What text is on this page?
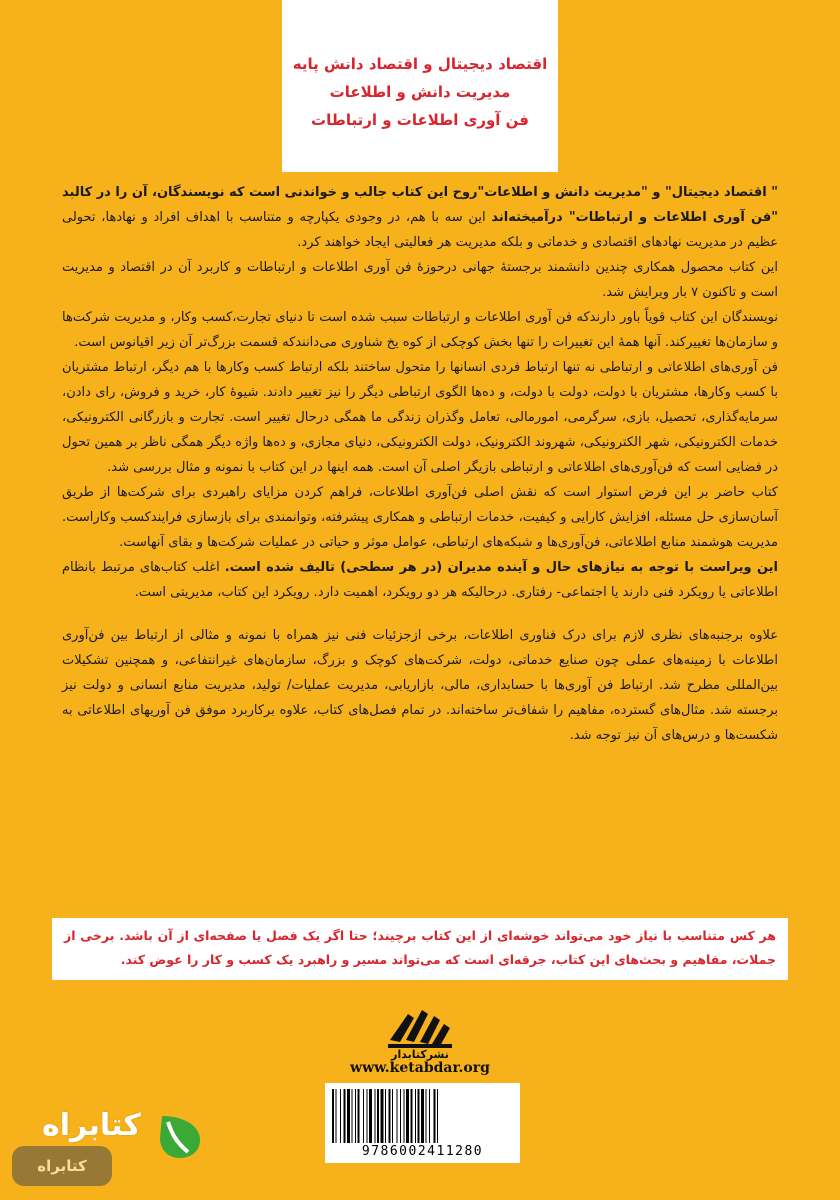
اقتصاد دیجیتال و اقتصاد دانش پایه
مدیریت دانش و اطلاعات
فن آوری اطلاعات و ارتباطات

" اقتصاد دیجیتال" و "مدیریت دانش و اطلاعات"روح این کتاب جالب و خواندنی است که نویسندگان، آن را در کالبد "فن آوری اطلاعات و ارتباطات" درآمیخته‌اند این سه با هم، در وجودی یکپارچه و متناسب با اهداف افراد و نهادها، تحولی عظیم در مدیریت نهادهای اقتصادی و خدماتی و بلکه مدیریت هر فعالیتی ایجاد خواهند کرد.

این کتاب محصول همکاری چندین دانشمند برجستهٔ جهانی درحوزهٔ فن آوری اطلاعات و ارتباطات و کاربرد آن در اقتصاد و مدیریت است و تاکنون ۷ بار ویرایش شد.

نویسندگان این کتاب قویاً باور دارندکه فن آوری اطلاعات و ارتباطات سبب شده است تا دنیای تجارت،کسب وکار، و مدیریت شرکت‌ها و سازمان‌ها تغییرکند. آنها همهٔ این تغییرات را تنها بخش کوچکی از کوه یخ شناوری می‌دانندکه قسمت بزرگ‌تر آن زیر اقیانوس است.

فن آوری‌های اطلاعاتی و ارتباطی نه تنها ارتباط فردی انسانها را متحول ساختند بلکه ارتباط کسب وکارها با هم دیگر، ارتباط مشتریان با کسب وکارها، مشتریان با دولت، دولت با دولت، و ده‌ها الگوی ارتباطی دیگر را نیز تغییر دادند. شیوهٔ کار، خرید و فروش، رای دادن، سرمایه‌گذاری، تحصیل، بازی، سرگرمی، امورمالی، تعامل وگذران زندگی ما همگی درحال تغییر است. تجارت و بازرگانی الکترونیکی، خدمات الکترونیکی، شهر الکترونیکی، شهروند الکترونیک، دولت الکترونیکی، دنیای مجازی، و ده‌ها واژه دیگر همگی ناظر بر همین تحول در فضایی است که فن‌آوری‌های اطلاعاتی و ارتباطی بازیگر اصلی آن است. همه اینها در این کتاب با نمونه و مثال بررسی شد.

کتاب حاضر بر این فرض استوار است که نقش اصلی فن‌آوری اطلاعات، فراهم کردن مزایای راهبردی برای شرکت‌ها از طریق آسان‌سازی حل مسئله، افزایش کارایی و کیفیت، خدمات ارتباطی و همکاری پیشرفته، وتوانمندی برای بازسازی فرایندکسب وکاراست. مدیریت هوشمند منابع اطلاعاتی، فن‌آوری‌ها و شبکه‌های ارتباطی، عوامل موثر و حیاتی در عملیات شرکت‌ها و بقای آنهاست.

این ویراست با توجه به نیازهای حال و آینده مدیران (در هر سطحی) تالیف شده است. اغلب کتاب‌های مرتبط بانظام اطلاعاتی یا رویکرد فنی دارند یا اجتماعی- رفتاری. درحالیکه هر دو رویکرد، اهمیت دارد. رویکرد این کتاب، مدیریتی است.

علاوه برجنبه‌های نظری لازم برای درک فناوری اطلاعات، برخی ازجزئیات فنی نیز همراه با نمونه و مثالی از ارتباط بین فن‌آوری اطلاعات با زمینه‌های عملی چون صنایع خدماتی، دولت، شرکت‌های کوچک و بزرگ، سازمان‌های غیرانتفاعی، و همچنین تشکیلات بین‌المللی مطرح شد. ارتباط فن آوری‌ها با حسابداری، مالی، بازاریابی، مدیریت عملیات/ تولید، مدیریت منابع انسانی و دولت نیز برجسته شد. مثال‌های گسترده، مفاهیم را شفاف‌تر ساخته‌اند. در تمام فصل‌های کتاب، علاوه برکاربرد موفق فن آوریهای اطلاعاتی به شکست‌ها و درس‌های آن نیز توجه شد.

هر کس متناسب با نیاز خود می‌تواند خوشه‌ای از این کتاب برچیند؛ حتا اگر یک فصل یا صفحه‌ای از آن باشد. برخی از جملات، مفاهیم و بحث‌های این کتاب، جرقه‌ای است که می‌تواند مسیر و راهبرد یک کسب و کار را عوض کند.
نشرکتابدار
www.ketabdar.org
9786002411280
کتابراه
کتابراه
